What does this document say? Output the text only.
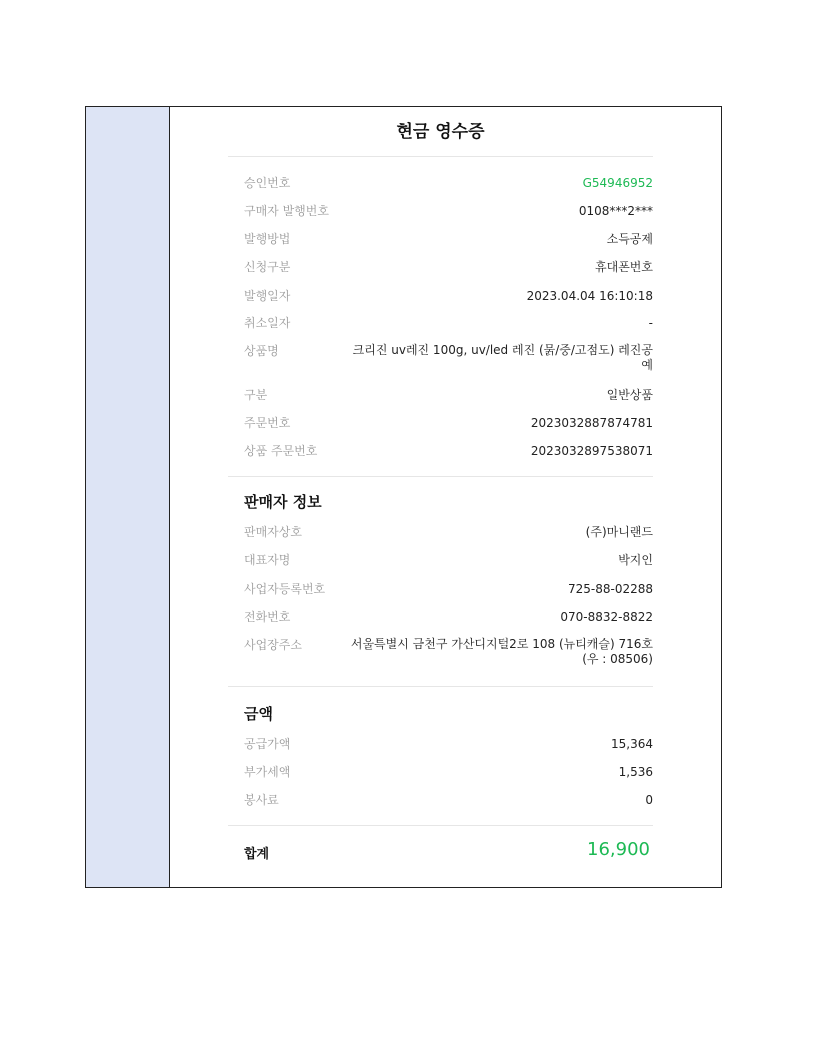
현금 영수증
승인번호	G54946952
구매자 발행번호	0108***2***
발행방법	소득공제
신청구분	휴대폰번호
발행일자	2023.04.04 16:10:18
취소일자	-
상품명	크리진 uv레진 100g, uv/led 레진 (묽/중/고점도) 레진공예
구분	일반상품
주문번호	2023032887874781
상품 주문번호	2023032897538071
판매자 정보
판매자상호	(주)마니랜드
대표자명	박지인
사업자등록번호	725-88-02288
전화번호	070-8832-8822
사업장주소	서울특별시 금천구 가산디지털2로 108 (뉴티캐슬) 716호 (우 : 08506)
금액
공급가액	15,364
부가세액	1,536
봉사료	0
합계	16,900
